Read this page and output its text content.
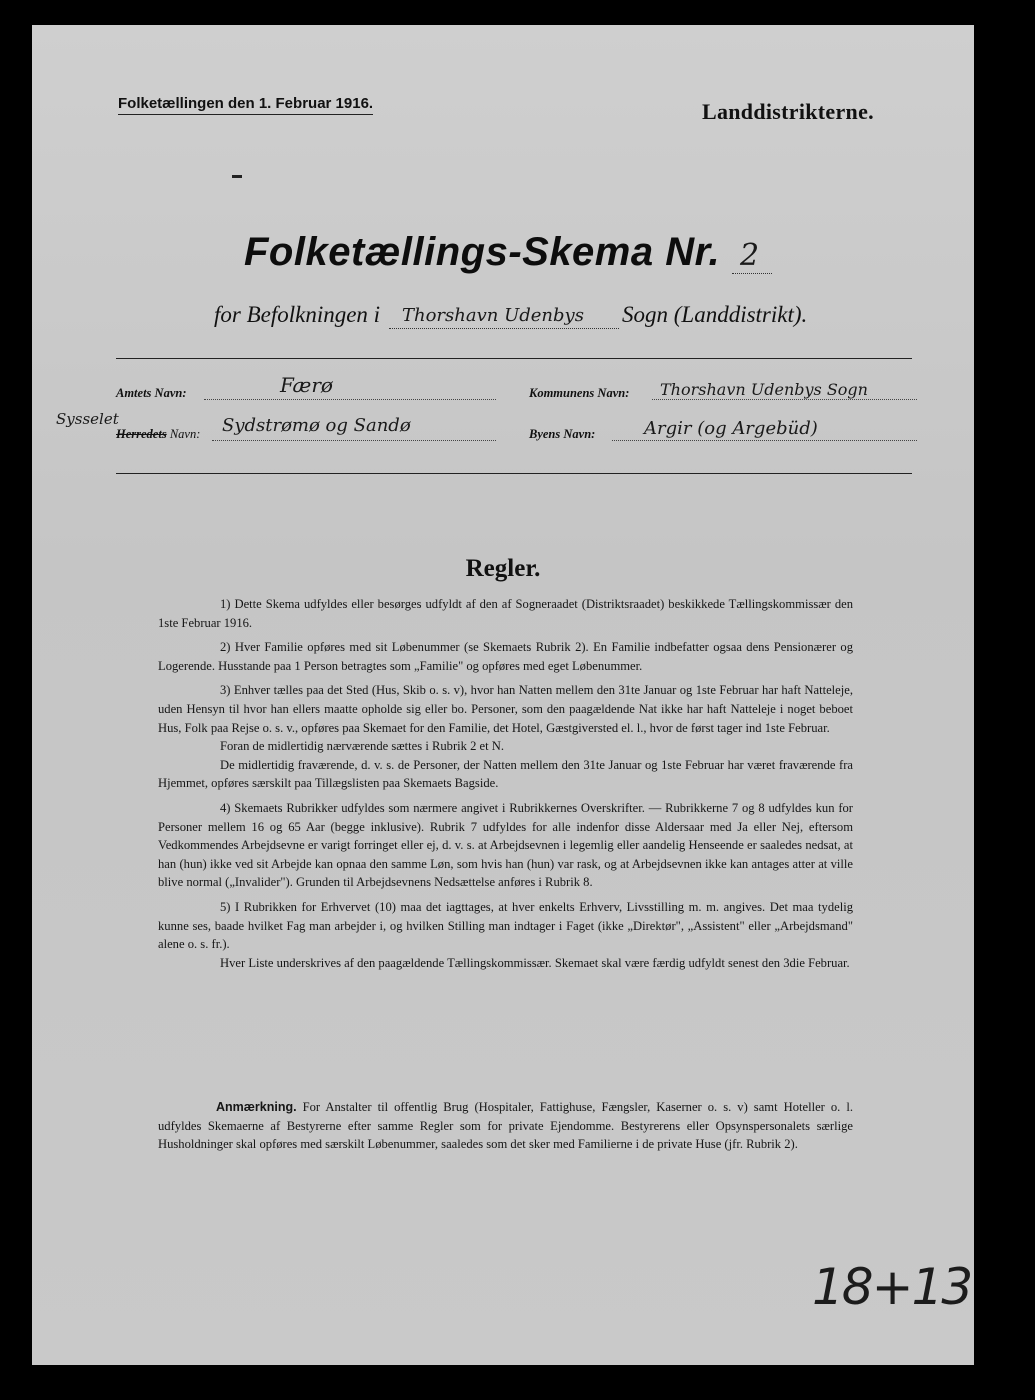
Folketællingen den 1. Februar 1916.	Landdistrikterne.
Folketællings-Skema Nr. 2
for Befolkningen i Thorshavn Udenbys Sogn (Landdistrikt).
Amtets Navn:	Færø	Kommunens Navn: Thorshavn Udenbys Sogn
Sysselet
Herredets Navn: Sydstrømø og Sandø	Byens Navn:	Argir (og Argebüd)
Regler.

1) Dette Skema udfyldes eller besørges udfyldt af den af Sogneraadet (Distriktsraadet) beskikkede Tællingskommissær den 1ste Februar 1916.

2) Hver Familie opføres med sit Løbenummer (se Skemaets Rubrik 2). En Familie indbefatter ogsaa dens Pensionærer og Logerende. Husstande paa 1 Person betragtes som „Familie" og opføres med eget Løbenummer.

3) Enhver tælles paa det Sted (Hus, Skib o. s. v), hvor han Natten mellem den 31te Januar og 1ste Februar har haft Natteleje, uden Hensyn til hvor han ellers maatte opholde sig eller bo. Personer, som den paagældende Nat ikke har haft Natteleje i noget beboet Hus, Folk paa Rejse o. s. v., opføres paa Skemaet for den Familie, det Hotel, Gæstgiversted el. l., hvor de først tager ind 1ste Februar.

Foran de midlertidig nærværende sættes i Rubrik 2 et N.

De midlertidig fraværende, d. v. s. de Personer, der Natten mellem den 31te Januar og 1ste Februar har været fraværende fra Hjemmet, opføres særskilt paa Tillægslisten paa Skemaets Bagside.

4) Skemaets Rubrikker udfyldes som nærmere angivet i Rubrikkernes Overskrifter. — Rubrikkerne 7 og 8 udfyldes kun for Personer mellem 16 og 65 Aar (begge inklusive). Rubrik 7 udfyldes for alle indenfor disse Aldersaar med Ja eller Nej, eftersom Vedkommendes Arbejdsevne er varigt forringet eller ej, d. v. s. at Arbejdsevnen i legemlig eller aandelig Henseende er saaledes nedsat, at han (hun) ikke ved sit Arbejde kan opnaa den samme Løn, som hvis han (hun) var rask, og at Arbejdsevnen ikke kan antages atter at ville blive normal („Invalider"). Grunden til Arbejdsevnens Nedsættelse anføres i Rubrik 8.

5) I Rubrikken for Erhvervet (10) maa det iagttages, at hver enkelts Erhverv, Livsstilling m. m. angives. Det maa tydelig kunne ses, baade hvilket Fag man arbejder i, og hvilken Stilling man indtager i Faget (ikke „Direktør", „Assistent" eller „Arbejdsmand" alene o. s. fr.).

Hver Liste underskrives af den paagældende Tællingskommissær. Skemaet skal være færdig udfyldt senest den 3die Februar.

Anmærkning. For Anstalter til offentlig Brug (Hospitaler, Fattighuse, Fængsler, Kaserner o. s. v) samt Hoteller o. l. udfyldes Skemaerne af Bestyrerne efter samme Regler som for private Ejendomme. Bestyrerens eller Opsynspersonalets særlige Husholdninger skal opføres med særskilt Løbenummer, saaledes som det sker med Familierne i de private Huse (jfr. Rubrik 2).
18+13
